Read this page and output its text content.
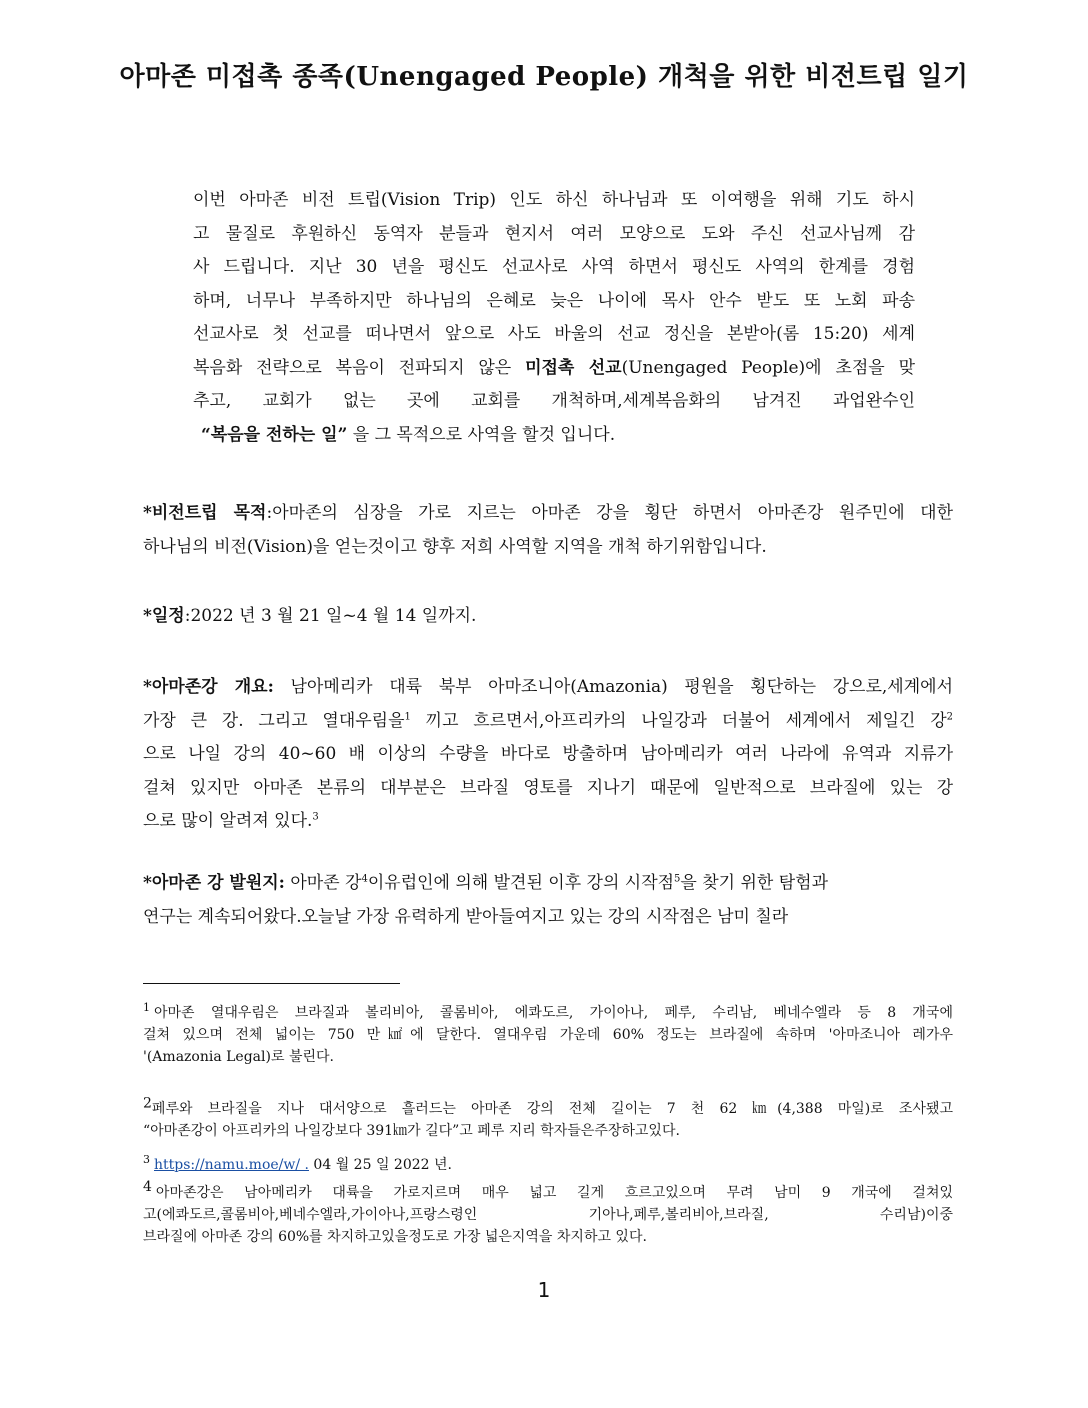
아마존 미접촉 종족(Unengaged People) 개척을 위한 비전트립 일기
이번 아마존 비전 트립(Vision Trip) 인도 하신 하나님과 또 이여행을 위해 기도 하시
고 물질로 후원하신 동역자 분들과 현지서 여러 모양으로 도와 주신 선교사님께 감
사 드립니다. 지난 30 년을 평신도 선교사로 사역 하면서 평신도 사역의 한계를 경험
하며, 너무나 부족하지만 하나님의 은혜로 늦은 나이에 목사 안수 받도 또 노회 파송
선교사로 첫 선교를 떠나면서 앞으로 사도 바울의 선교 정신을 본받아(롬 15:20) 세계
복음화 전략으로 복음이 전파되지 않은 미접촉 선교(Unengaged People)에 초점을 맞
추고, 교회가 없는 곳에 교회를 개척하며,세계복음화의 남겨진 과업완수인
“복음을 전하는 일” 을 그 목적으로 사역을 할것 입니다.
*비전트립 목적:아마존의 심장을 가로 지르는 아마존 강을 횡단 하면서 아마존강 원주민에 대한
하나님의 비전(Vision)을 얻는것이고 향후 저희 사역할 지역을 개척 하기위함입니다.
*일정:2022 년 3 월 21 일~4 월 14 일까지.
*아마존강 개요: 남아메리카 대륙 북부 아마조니아(Amazonia) 평원을 횡단하는 강으로,세계에서
가장 큰 강. 그리고 열대우림을$^1$ 끼고 흐르면서,아프리카의 나일강과 더불어 세계에서 제일긴 강$^2$
으로 나일 강의 40~60 배 이상의 수량을 바다로 방출하며 남아메리카 여러 나라에 유역과 지류가
걸쳐 있지만 아마존 본류의 대부분은 브라질 영토를 지나기 때문에 일반적으로 브라질에 있는 강
으로 많이 알려져 있다.$^3$
*아마존 강 발원지: 아마존 강$^4$이유럽인에 의해 발견된 이후 강의 시작점$^5$을 찾기 위한 탐험과
연구는 계속되어왔다.오늘날 가장 유력하게 받아들여지고 있는 강의 시작점은 남미 칠라
$^1$ 아마존 열대우림은 브라질과 볼리비아, 콜롬비아, 에콰도르, 가이아나, 페루, 수리남, 베네수엘라 등 8 개국에
걸쳐 있으며 전체 넓이는 750 만㎢에 달한다. 열대우림 가운데 60% 정도는 브라질에 속하며 '아마조니아 레가우
'(Amazonia Legal)로 불린다.
$^2$페루와 브라질을 지나 대서양으로 흘러드는 아마존 강의 전체 길이는 7 천 62 ㎞(4,388 마일)로 조사됐고
“아마존강이 아프리카의 나일강보다 391㎞가 길다”고 페루 지리 학자들은주장하고있다.
$^3$ https://namu.moe/w/ . 04 월 25 일 2022 년.
$^4$ 아마존강은 남아메리카 대륙을 가로지르며 매우 넓고 길게 흐르고있으며 무려 남미 9 개국에 걸쳐있
고(에콰도르,콜롬비아,베네수엘라,가이아나,프랑스령인 기아나,페루,볼리비아,브라질, 수리남)이중
브라질에 아마존 강의 60%를 차지하고있을정도로 가장 넓은지역을 차지하고 있다.
1
